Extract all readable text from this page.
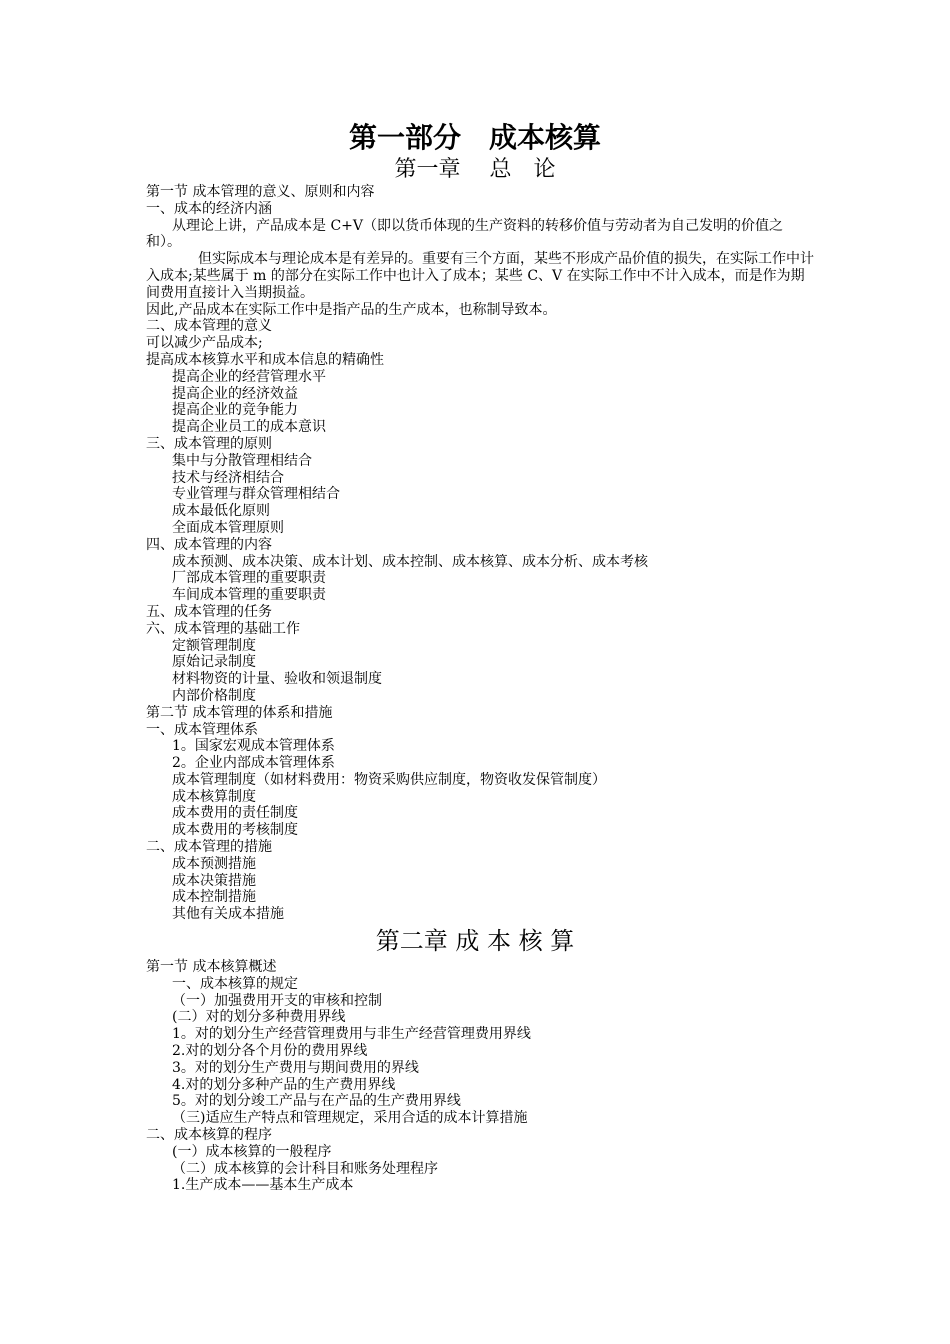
第一部分　成本核算
第一章　 总　论
第一节 成本管理的意义、原则和内容
一、成本的经济内涵
从理论上讲，产品成本是 C+V（即以货币体现的生产资料的转移价值与劳动者为自己发明的价值之和）。
但实际成本与理论成本是有差异的。重要有三个方面，某些不形成产品价值的损失，在实际工作中计入成本;某些属于 m 的部分在实际工作中也计入了成本；某些 C、V 在实际工作中不计入成本，而是作为期间费用直接计入当期损益。
因此,产品成本在实际工作中是指产品的生产成本，也称制导致本。
二、成本管理的意义
可以减少产品成本;
提高成本核算水平和成本信息的精确性
提高企业的经营管理水平
提高企业的经济效益
提高企业的竞争能力
提高企业员工的成本意识
三、成本管理的原则
集中与分散管理相结合
技术与经济相结合
专业管理与群众管理相结合
成本最低化原则
全面成本管理原则
四、成本管理的内容
成本预测、成本决策、成本计划、成本控制、成本核算、成本分析、成本考核
厂部成本管理的重要职责
车间成本管理的重要职责
五、成本管理的任务
六、成本管理的基础工作
定额管理制度
原始记录制度
材料物资的计量、验收和领退制度
内部价格制度
第二节 成本管理的体系和措施
一、成本管理体系
1。国家宏观成本管理体系
2。企业内部成本管理体系
成本管理制度（如材料费用：物资采购供应制度，物资收发保管制度）
成本核算制度
成本费用的责任制度
成本费用的考核制度
二、成本管理的措施
成本预测措施
成本决策措施
成本控制措施
其他有关成本措施
第二章 成 本 核 算
第一节 成本核算概述
一、成本核算的规定
（一）加强费用开支的审核和控制
(二）对的划分多种费用界线
1。对的划分生产经营管理费用与非生产经营管理费用界线
2.对的划分各个月份的费用界线
3。对的划分生产费用与期间费用的界线
4.对的划分多种产品的生产费用界线
5。对的划分竣工产品与在产品的生产费用界线
（三)适应生产特点和管理规定，采用合适的成本计算措施
二、成本核算的程序
(一）成本核算的一般程序
（二）成本核算的会计科目和账务处理程序
1.生产成本——基本生产成本
